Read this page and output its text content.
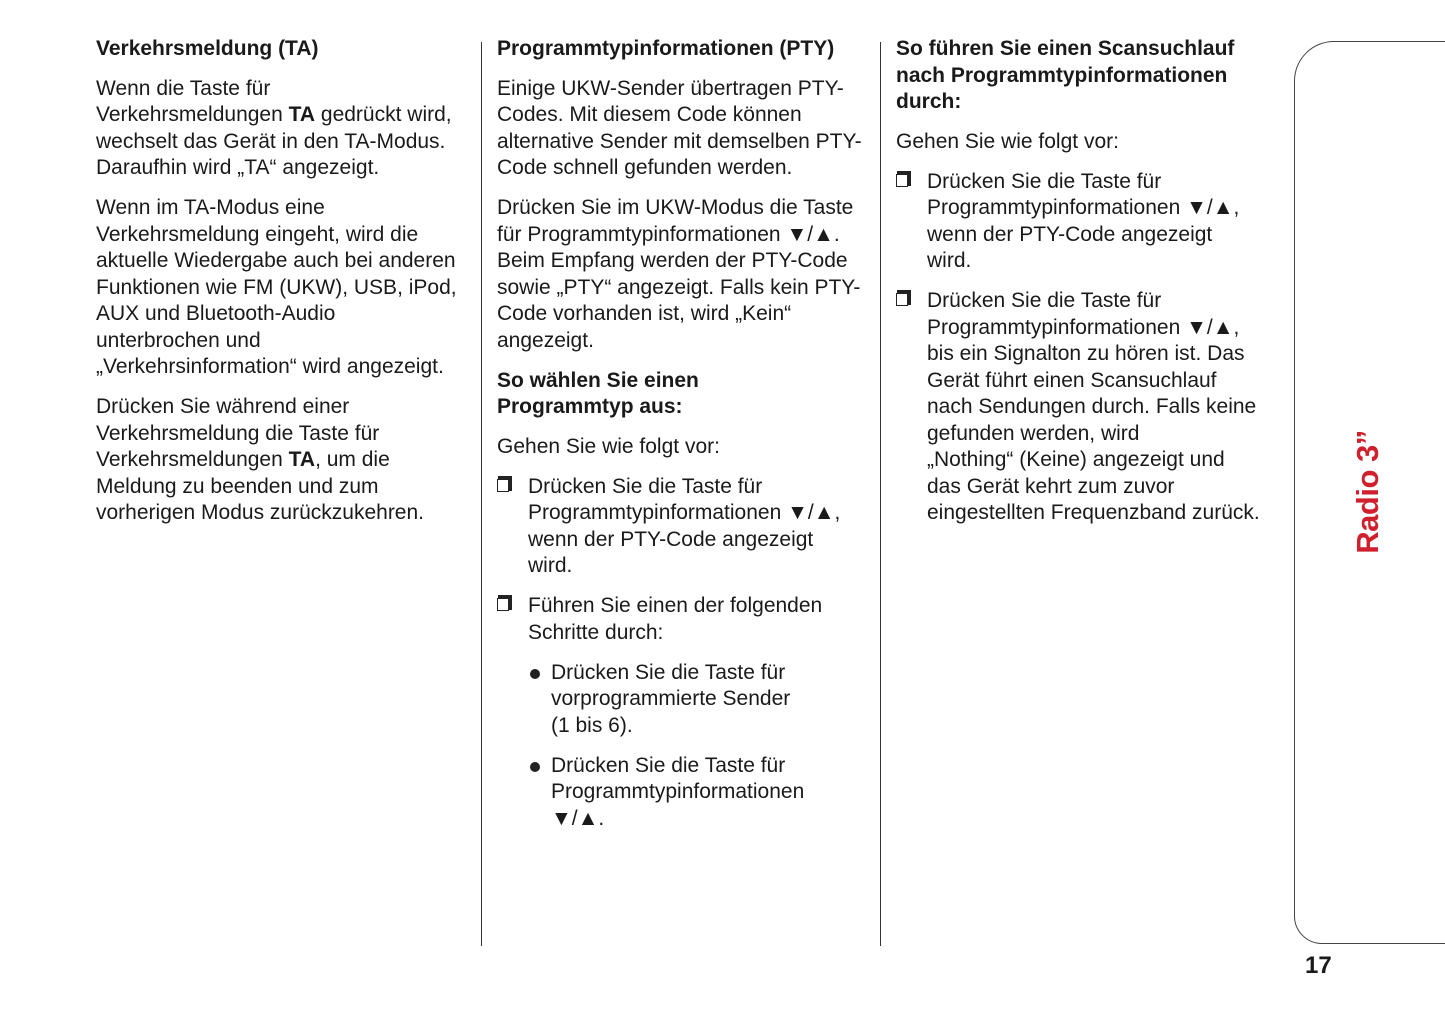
Verkehrsmeldung (TA)
Wenn die Taste für
Verkehrsmeldungen TA gedrückt wird,
wechselt das Gerät in den TA-Modus.
Daraufhin wird „TA“ angezeigt.
Wenn im TA-Modus eine
Verkehrsmeldung eingeht, wird die
aktuelle Wiedergabe auch bei anderen
Funktionen wie FM (UKW), USB, iPod,
AUX und Bluetooth-Audio
unterbrochen und
„Verkehrsinformation“ wird angezeigt.
Drücken Sie während einer
Verkehrsmeldung die Taste für
Verkehrsmeldungen TA, um die
Meldung zu beenden und zum
vorherigen Modus zurückzukehren.
Programmtypinformationen (PTY)
Einige UKW-Sender übertragen PTY-
Codes. Mit diesem Code können
alternative Sender mit demselben PTY-
Code schnell gefunden werden.
Drücken Sie im UKW-Modus die Taste
für Programmtypinformationen ▼/▲.
Beim Empfang werden der PTY-Code
sowie „PTY“ angezeigt. Falls kein PTY-
Code vorhanden ist, wird „Kein“
angezeigt.
So wählen Sie einen
Programmtyp aus:
Gehen Sie wie folgt vor:
Drücken Sie die Taste für
Programmtypinformationen ▼/▲,
wenn der PTY-Code angezeigt
wird.
Führen Sie einen der folgenden
Schritte durch:
Drücken Sie die Taste für
vorprogrammierte Sender
(1 bis 6).
Drücken Sie die Taste für
Programmtypinformationen
▼/▲.
So führen Sie einen Scansuchlauf
nach Programmtypinformationen
durch:
Gehen Sie wie folgt vor:
Drücken Sie die Taste für
Programmtypinformationen ▼/▲,
wenn der PTY-Code angezeigt
wird.
Drücken Sie die Taste für
Programmtypinformationen ▼/▲,
bis ein Signalton zu hören ist. Das
Gerät führt einen Scansuchlauf
nach Sendungen durch. Falls keine
gefunden werden, wird
„Nothing“ (Keine) angezeigt und
das Gerät kehrt zum zuvor
eingestellten Frequenzband zurück.	Radio 3”
17
